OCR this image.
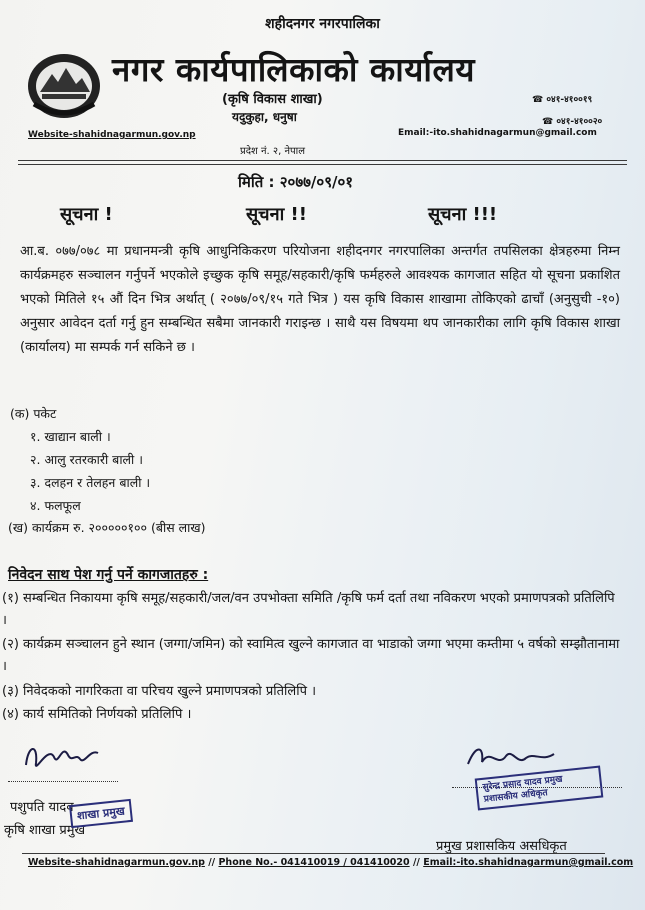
शहीदनगर नगरपालिका
नगर कार्यपालिकाको कार्यालय
(कृषि विकास शाखा)
यदुकुहा, धनुषा
Website-shahidnagarmun.gov.np
प्रदेश नं. २, नेपाल
☎ ०४१-४१००१९
☎ ०४१-४१००२०
Email:-ito.shahidnagarmun@gmail.com
मिति : २०७७/०९/०१
सूचना !	सूचना !!	सूचना !!!
आ.ब. ०७७/०७८ मा प्रधानमन्त्री कृषि आधुनिकिकरण परियोजना शहीदनगर नगरपालिका अन्तर्गत तपसिलका क्षेत्रहरुमा निम्न कार्यक्रमहरु सञ्चालन गर्नुपर्ने भएकोले इच्छुक कृषि समूह/सहकारी/कृषि फर्महरुले आवश्यक कागजात सहित यो सूचना प्रकाशित भएको मितिले १५ औं दिन भित्र अर्थात् ( २०७७/०९/१५ गते भित्र ) यस कृषि विकास शाखामा तोकिएको ढाचाँ (अनुसुची -१०) अनुसार आवेदन दर्ता गर्नु हुन सम्बन्धित सबैमा जानकारी गराइन्छ । साथै यस विषयमा थप जानकारीका लागि कृषि विकास शाखा (कार्यालय) मा सम्पर्क गर्न सकिने छ ।
(क) पकेट
१. खाद्यान बाली ।
२. आलु रतरकारी बाली ।
३. दलहन र तेलहन बाली ।
४. फलफूल
(ख) कार्यक्रम रु. २०००००१०० (बीस लाख)
निवेदन साथ पेश गर्नु पर्ने कागजातहरु :
(१) सम्बन्धित निकायमा कृषि समूह/सहकारी/जल/वन उपभोक्ता समिति /कृषि फर्म दर्ता तथा नविकरण भएको प्रमाणपत्रको प्रतिलिपि ।
(२) कार्यक्रम सञ्चालन हुने स्थान (जग्गा/जमिन) को स्वामित्व खुल्ने कागजात वा भाडाको जग्गा भएमा कम्तीमा ५ वर्षको सम्झौतानामा ।
(३) निवेदकको नागरिकता वा परिचय खुल्ने प्रमाणपत्रको प्रतिलिपि ।
(४) कार्य समितिको निर्णयको प्रतिलिपि ।
पशुपति यादव
कृषि शाखा प्रमुख
शाखा प्रमुख
सुरेन्द्र प्रसाद यादव प्रमुख प्रशासकीय अधिकृत
प्रमुख प्रशासकिय असधिकृत
Website-shahidnagarmun.gov.np // Phone No.- 041410019 / 041410020 // Email:-ito.shahidnagarmun@gmail.com
